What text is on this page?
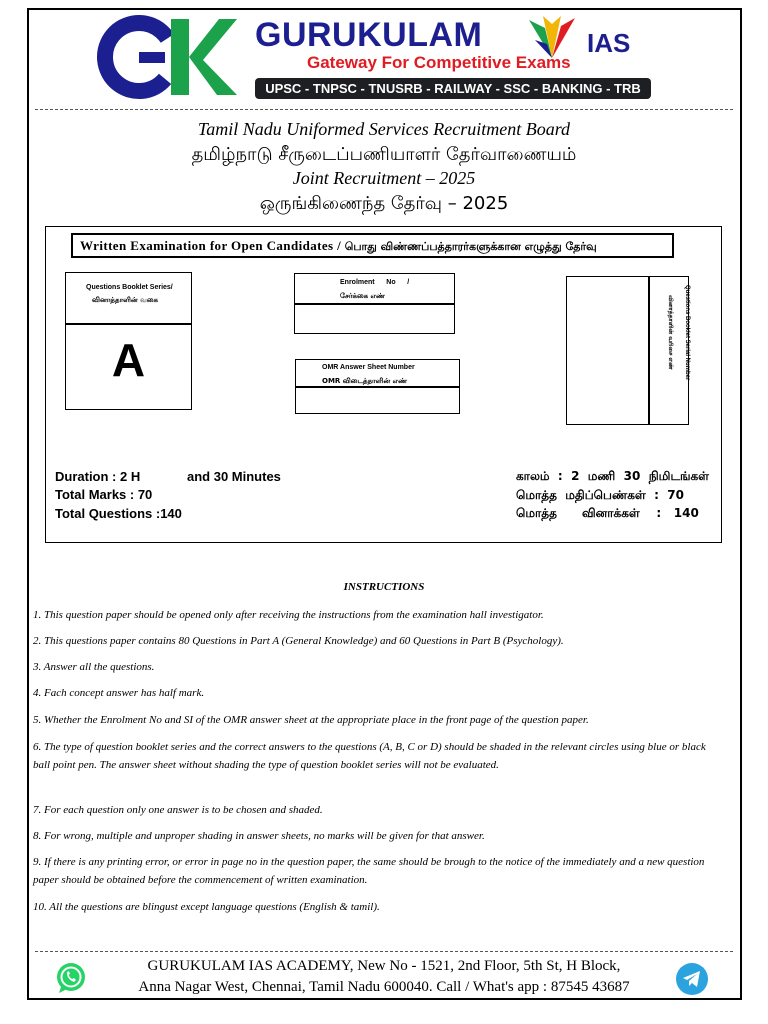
GURUKULAM	IAS
Gateway For Competitive Exams
UPSC - TNPSC - TNUSRB - RAILWAY - SSC - BANKING - TRB
Tamil Nadu Uniformed Services Recruitment Board
தமிழ்நாடு சீருடைப்பணியாளர் தேர்வாணையம்
Joint Recruitment – 2025
ஒருங்கிணைந்த தேர்வு – 2025
Written Examination for Open Candidates / பொது விண்ணப்பத்தாரர்களுக்கான எழுத்து தேர்வு
Questions Booklet Series/
வினாத்தாளின் வகை
A
Enrolment      No      /
சேர்க்கை எண்
OMR Answer Sheet Number
OMR விடைத்தாளின் எண்
Questions Booklet Serial Number
வினாத்தாளின் வரிசை எண்
Duration : 2 H	and 30 Minutes
Total Marks : 70
Total Questions :140
காலம்  :  2  மணி  30  நிமிடங்கள்
மொத்த  மதிப்பெண்கள்  :  70
மொத்த      வினாக்கள்    :   140
INSTRUCTIONS
1. This question paper should be opened only after receiving the instructions from the examination hall investigator.
2. This questions paper contains 80 Questions in Part A (General Knowledge) and 60 Questions in Part B (Psychology).
3. Answer all the questions.
4. Fach concept answer has half mark.
5. Whether the Enrolment No and SI of the OMR answer sheet at the appropriate place in the front page of the question paper.
6. The type of question booklet series and the correct answers to the questions (A, B, C or D) should be shaded in the relevant circles using blue or black ball point pen. The answer sheet without shading the type of question booklet series will not be evaluated.
7. For each question only one answer is to be chosen and shaded.
8. For wrong, multiple and unproper shading in answer sheets, no marks will be given for that answer.
9. If there is any printing error, or error in page no in the question paper, the same should be brough to the notice of the immediately and a new question paper should be obtained before the commencement of written examination.
10. All the questions are blingust except language questions (English & tamil).
GURUKULAM IAS ACADEMY, New No - 1521, 2nd Floor, 5th St, H Block,
Anna Nagar West, Chennai, Tamil Nadu 600040. Call / What's app : 87545 43687
